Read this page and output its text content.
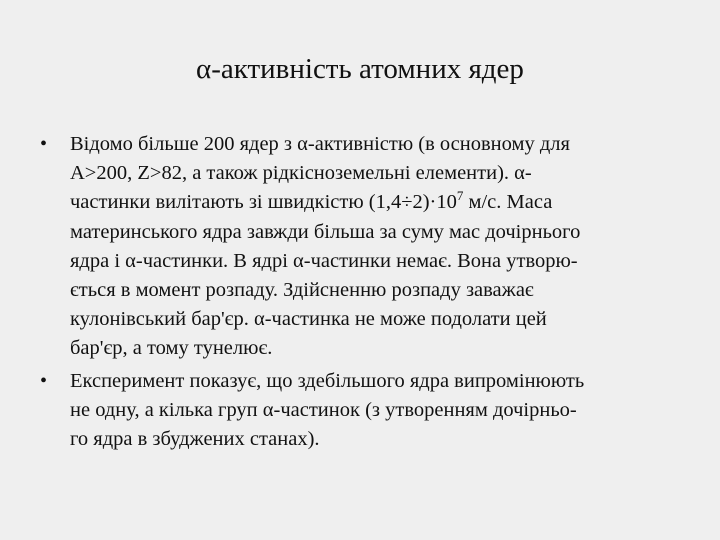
α-активність атомних ядер
• Відомо більше 200 ядер з α-активністю (в основному для
A>200, Z>82, а також рідкісноземельні елементи). α-
частинки вилітають зі швидкістю $(1,4\div 2)\cdot 10^7$ м/с. Маса
материнського ядра завжди більша за суму мас дочірнього
ядра і α-частинки. В ядрі α-частинки немає. Вона утворю-
ється в момент розпаду. Здійсненню розпаду заважає
кулонівський бар'єр. α-частинка не може подолати цей
бар'єр, а тому тунелює.
• Експеримент показує, що здебільшого ядра випромінюють
не одну, а кілька груп α-частинок (з утворенням дочірньо-
го ядра в збуджених станах).
